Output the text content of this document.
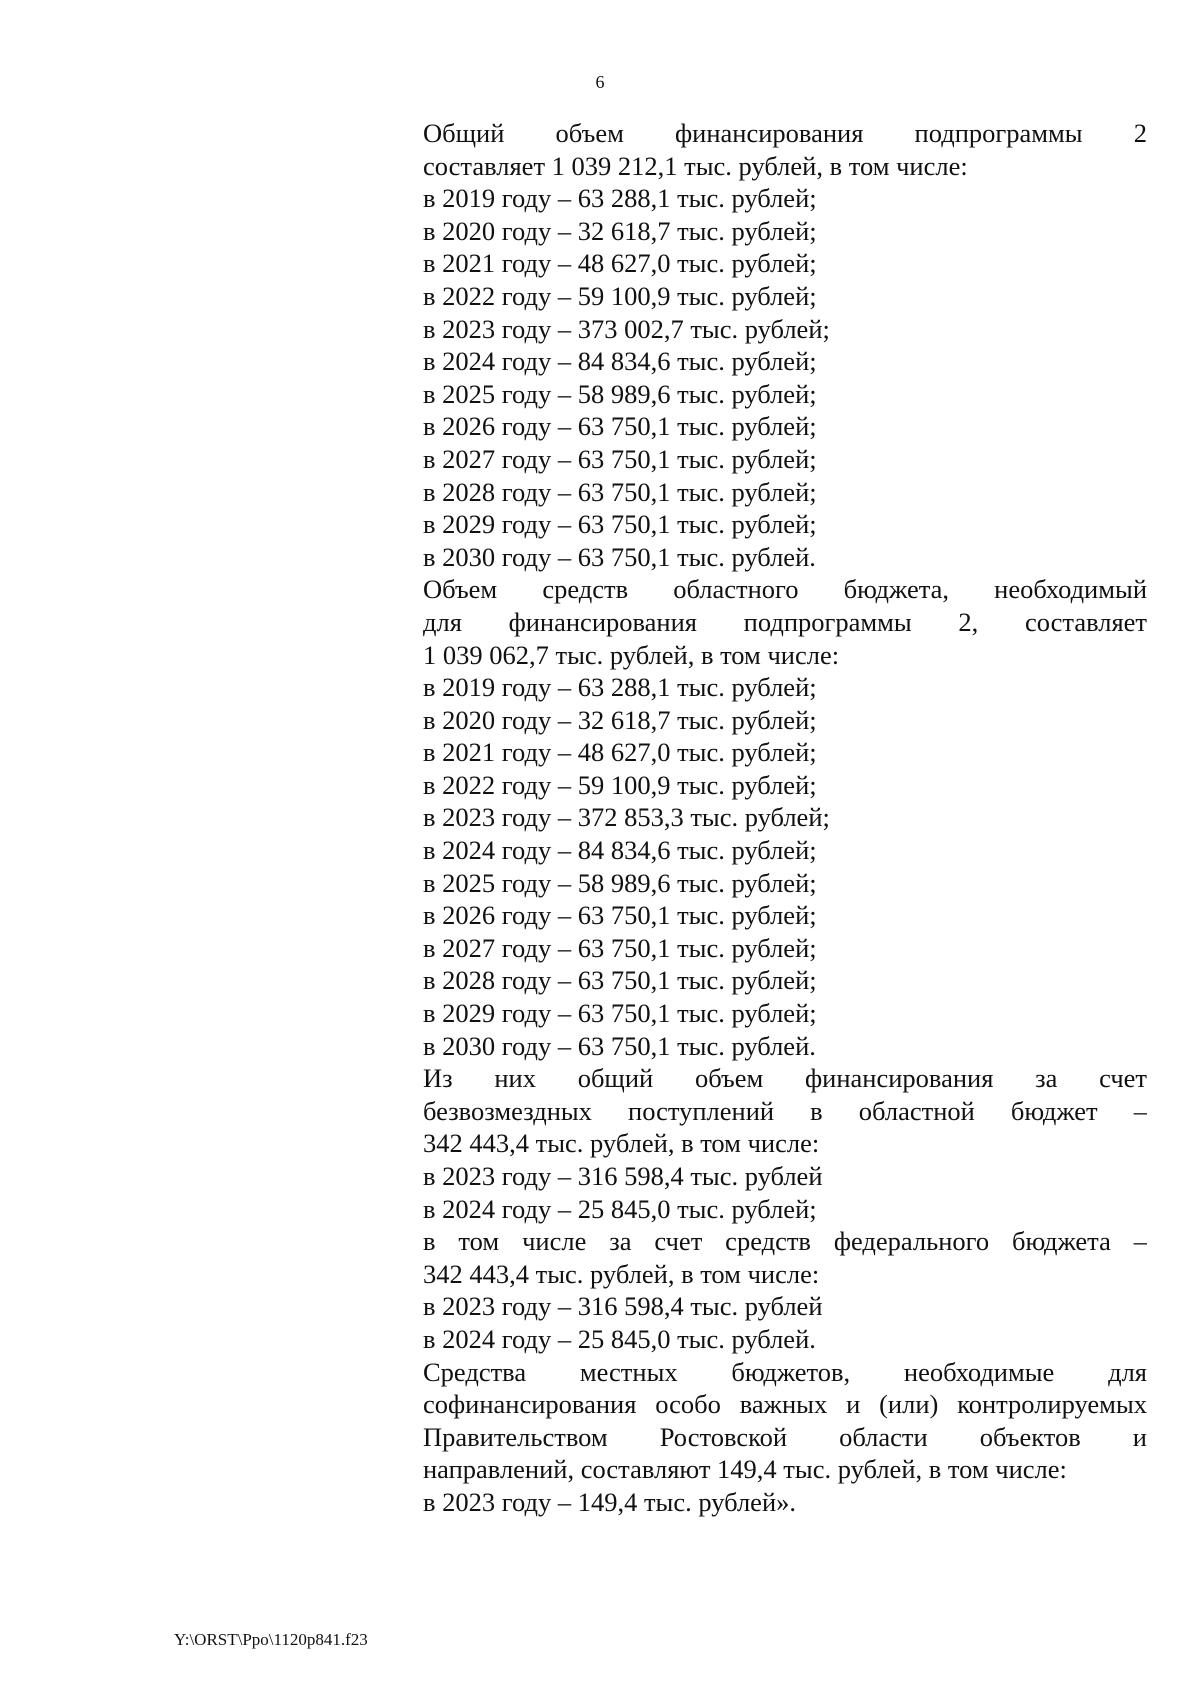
6
Общий объем финансирования подпрограммы 2
составляет 1 039 212,1 тыс. рублей, в том числе:
в 2019 году – 63 288,1 тыс. рублей;
в 2020 году – 32 618,7 тыс. рублей;
в 2021 году – 48 627,0 тыс. рублей;
в 2022 году – 59 100,9 тыс. рублей;
в 2023 году – 373 002,7 тыс. рублей;
в 2024 году – 84 834,6 тыс. рублей;
в 2025 году – 58 989,6 тыс. рублей;
в 2026 году – 63 750,1 тыс. рублей;
в 2027 году – 63 750,1 тыс. рублей;
в 2028 году – 63 750,1 тыс. рублей;
в 2029 году – 63 750,1 тыс. рублей;
в 2030 году – 63 750,1 тыс. рублей.
Объем средств областного бюджета, необходимый
для финансирования подпрограммы 2, составляет
1 039 062,7 тыс. рублей, в том числе:
в 2019 году – 63 288,1 тыс. рублей;
в 2020 году – 32 618,7 тыс. рублей;
в 2021 году – 48 627,0 тыс. рублей;
в 2022 году – 59 100,9 тыс. рублей;
в 2023 году – 372 853,3 тыс. рублей;
в 2024 году – 84 834,6 тыс. рублей;
в 2025 году – 58 989,6 тыс. рублей;
в 2026 году – 63 750,1 тыс. рублей;
в 2027 году – 63 750,1 тыс. рублей;
в 2028 году – 63 750,1 тыс. рублей;
в 2029 году – 63 750,1 тыс. рублей;
в 2030 году – 63 750,1 тыс. рублей.
Из них общий объем финансирования за счет
безвозмездных поступлений в областной бюджет –
342 443,4 тыс. рублей, в том числе:
в 2023 году – 316 598,4 тыс. рублей
в 2024 году – 25 845,0 тыс. рублей;
в том числе за счет средств федерального бюджета –
342 443,4 тыс. рублей, в том числе:
в 2023 году – 316 598,4 тыс. рублей
в 2024 году – 25 845,0 тыс. рублей.
Средства местных бюджетов, необходимые для
софинансирования особо важных и (или) контролируемых
Правительством Ростовской области объектов и
направлений, составляют 149,4 тыс. рублей, в том числе:
в 2023 году – 149,4 тыс. рублей».
Y:\ORST\Ppo\1120p841.f23
